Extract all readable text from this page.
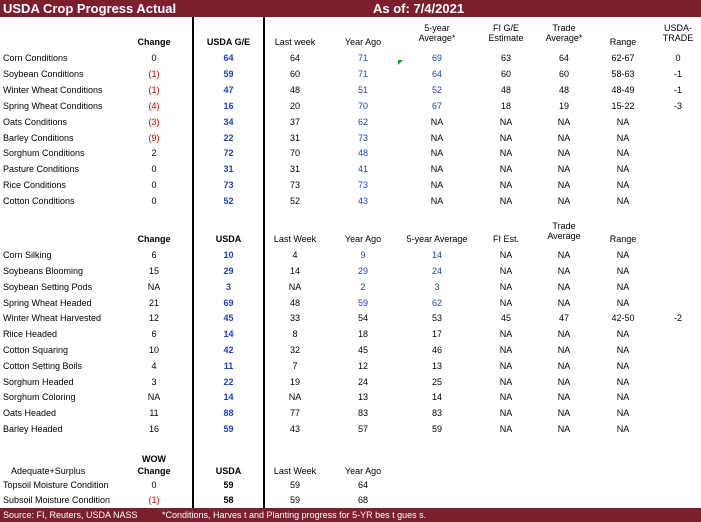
USDA Crop Progress Actual	As of: 7/4/2021
Change	USDA G/E	Last week	Year Ago
5-year
Average*
FI G/E
Estimate
Trade
Average*	Range
USDA-
TRADE
Corn Conditions	0	64	64	71	69	63	64	62-67	0
Soybean Conditions	(1)	59	60	71	64	60	60	58-63	-1
Winter Wheat Conditions	(1)	47	48	51	52	48	48	48-49	-1
Spring Wheat Conditions	(4)	16	20	70	67	18	19	15-22	-3
Oats Conditions	(3)	34	37	62	NA	NA	NA	NA
Barley Conditions	(9)	22	31	73	NA	NA	NA	NA
Sorghum Conditions	2	72	70	48	NA	NA	NA	NA
Pasture Conditions	0	31	31	41	NA	NA	NA	NA
Rice Conditions	0	73	73	73	NA	NA	NA	NA
Cotton Conditions	0	52	52	43	NA	NA	NA	NA
Change	USDA	Last Week	Year Ago	5-year Average	FI Est.
Trade
Average	Range
Corn Silking	6	10	4	9	14	NA	NA	NA
Soybeans Blooming	15	29	14	29	24	NA	NA	NA
Soybean Setting Pods	NA	3	NA	2	3	NA	NA	NA
Spring Wheat Headed	21	69	48	59	62	NA	NA	NA
Winter Wheat Harvested	12	45	33	54	53	45	47	42-50	-2
Riice Headed	6	14	8	18	17	NA	NA	NA
Cotton Squaring	10	42	32	45	46	NA	NA	NA
Cotton Setting Boils	4	11	7	12	13	NA	NA	NA
Sorghum Headed	3	22	19	24	25	NA	NA	NA
Sorghum Coloring	NA	14	NA	13	14	NA	NA	NA
Oats Headed	11	88	77	83	83	NA	NA	NA
Barley Headed	16	59	43	57	59	NA	NA	NA
WOW
Adequate+Surplus	Change	USDA	Last Week	Year Ago
Topsoil Moisture Condition	0	59	59	64
Subsoil Moisture Condition	(1)	58	59	68
Source: FI, Reuters, USDA NASS	*Conditions, Harves t and Planting progress for 5-YR bes t gues s.
